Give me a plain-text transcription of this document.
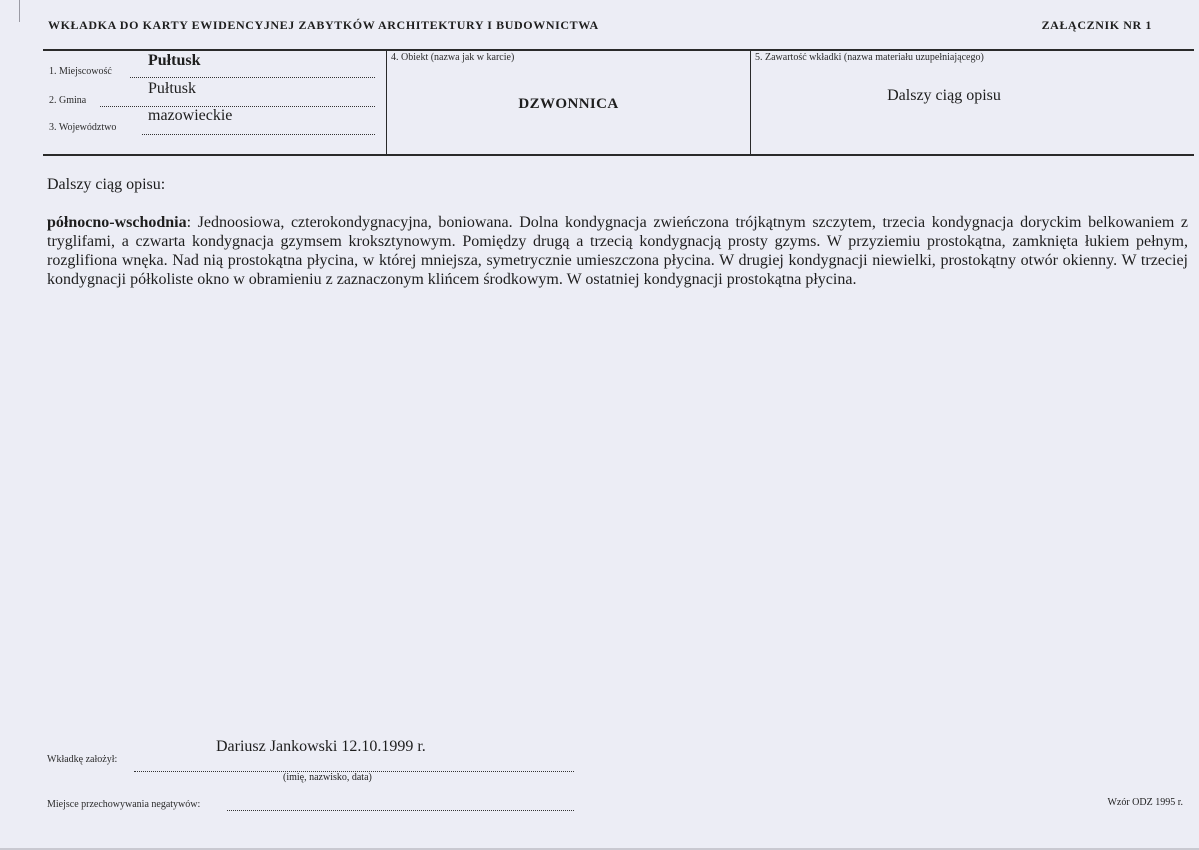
WKŁADKA DO KARTY EWIDENCYJNEJ ZABYTKÓW ARCHITEKTURY I BUDOWNICTWA	ZAŁĄCZNIK NR 1
1. Miejscowość
Pułtusk
2. Gmina
Pułtusk
3. Województwo
mazowieckie
4. Obiekt (nazwa jak w karcie)
DZWONNICA
5. Zawartość wkładki (nazwa materiału uzupełniającego)
Dalszy ciąg opisu
Dalszy ciąg opisu:
północno-wschodnia: Jednoosiowa, czterokondygnacyjna, boniowana. Dolna kondygnacja zwieńczona trójkątnym szczytem, trzecia kondygnacja doryckim belkowaniem z tryglifami, a czwarta kondygnacja gzymsem kroksztynowym. Pomiędzy drugą a trzecią kondygnacją prosty gzyms. W przyziemiu prostokątna, zamknięta łukiem pełnym, rozglifiona wnęka. Nad nią prostokątna płycina, w której mniejsza, symetrycznie umieszczona płycina. W drugiej kondygnacji niewielki, prostokątny otwór okienny. W trzeciej kondygnacji półkoliste okno w obramieniu z zaznaczonym klińcem środkowym. W ostatniej kondygnacji prostokątna płycina.
Wkładkę założył:
Dariusz Jankowski 12.10.1999 r.
(imię, nazwisko, data)
Miejsce przechowywania negatywów:	Wzór ODZ 1995 r.
